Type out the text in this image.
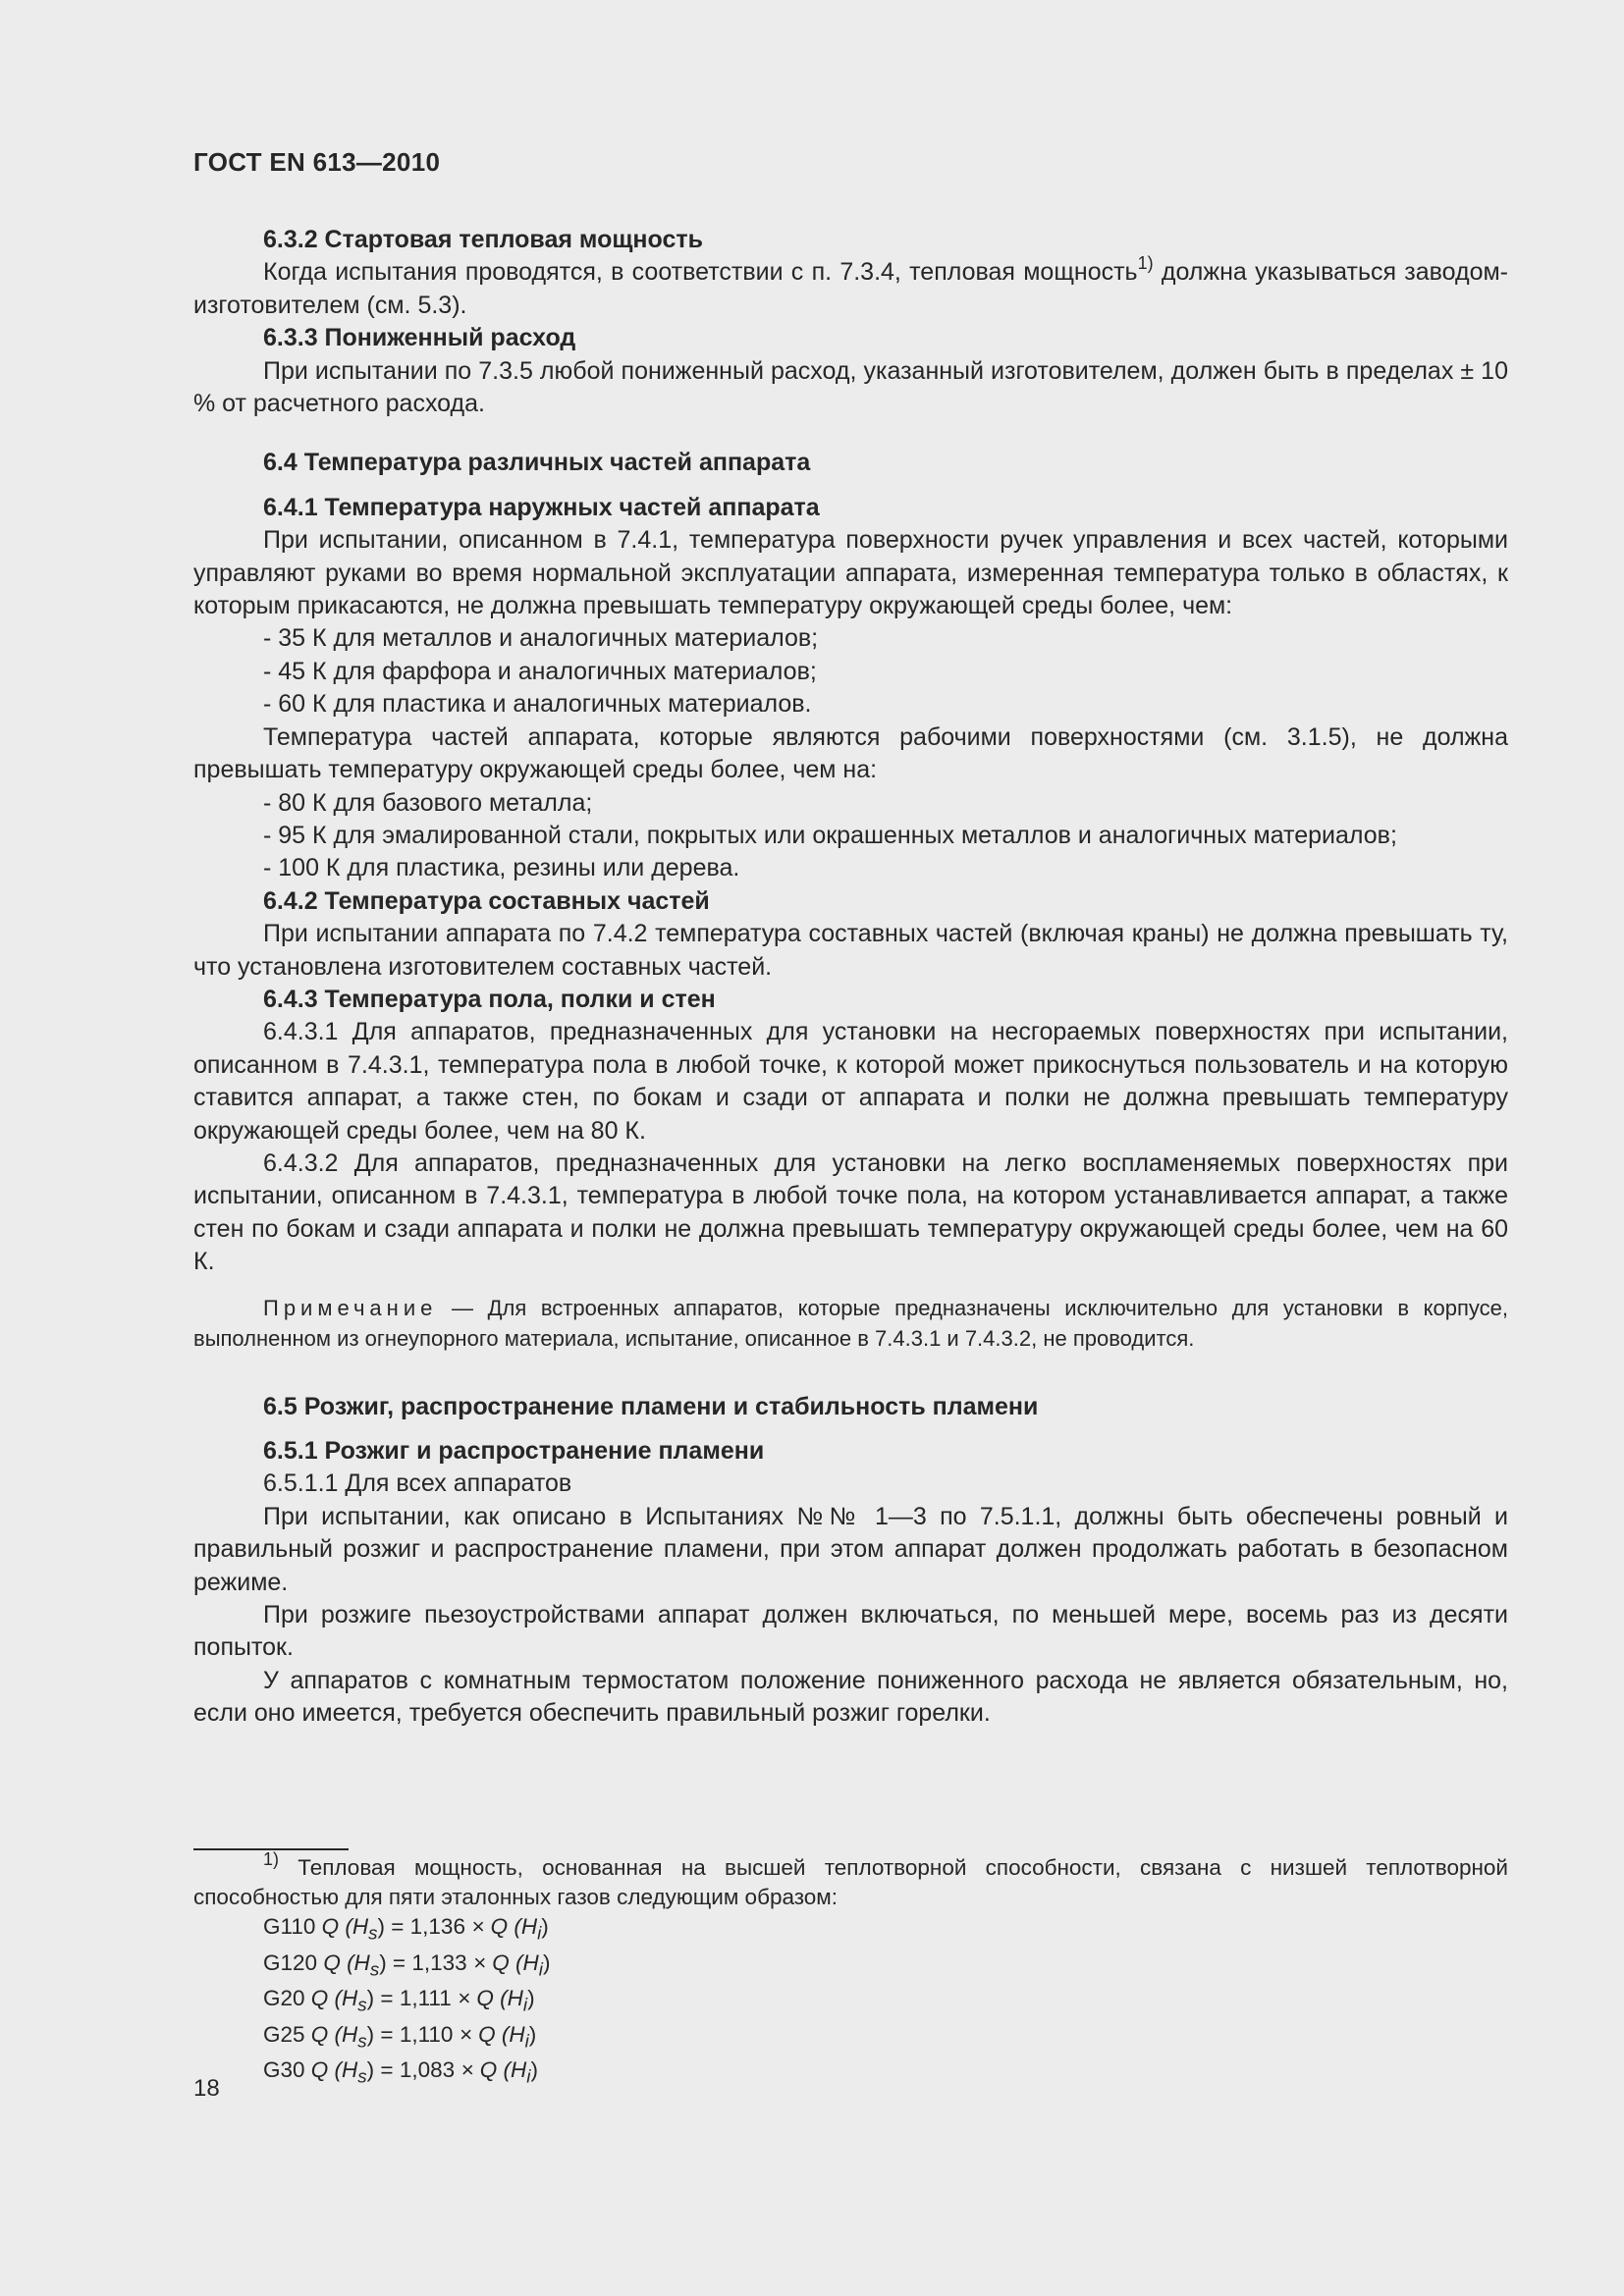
ГОСТ EN 613—2010

6.3.2 Стартовая тепловая мощность

Когда испытания проводятся, в соответствии с п. 7.3.4, тепловая мощность$^{1)}$ должна указываться заводом-изготовителем (см. 5.3).

6.3.3 Пониженный расход

При испытании по 7.3.5 любой пониженный расход, указанный изготовителем, должен быть в пределах ± 10 % от расчетного расхода.

6.4 Температура различных частей аппарата

6.4.1 Температура наружных частей аппарата

При испытании, описанном в 7.4.1, температура поверхности ручек управления и всех частей, которыми управляют руками во время нормальной эксплуатации аппарата, измеренная температура только в областях, к которым прикасаются, не должна превышать температуру окружающей среды более, чем:

- 35 К для металлов и аналогичных материалов;

- 45 К для фарфора и аналогичных материалов;

- 60 К для пластика и аналогичных материалов.

Температура частей аппарата, которые являются рабочими поверхностями (см. 3.1.5), не должна превышать температуру окружающей среды более, чем на:

- 80 К для базового металла;

- 95 К для эмалированной стали, покрытых или окрашенных металлов и аналогичных материалов;

- 100 К для пластика, резины или дерева.

6.4.2 Температура составных частей

При испытании аппарата по 7.4.2 температура составных частей (включая краны) не должна превышать ту, что установлена изготовителем составных частей.

6.4.3 Температура пола, полки и стен

6.4.3.1 Для аппаратов, предназначенных для установки на несгораемых поверхностях при испытании, описанном в 7.4.3.1, температура пола в любой точке, к которой может прикоснуться пользователь и на которую ставится аппарат, а также стен, по бокам и сзади от аппарата и полки не должна превышать температуру окружающей среды более, чем на 80 К.

6.4.3.2 Для аппаратов, предназначенных для установки на легко воспламеняемых поверхностях при испытании, описанном в 7.4.3.1, температура в любой точке пола, на котором устанавливается аппарат, а также стен по бокам и сзади аппарата и полки не должна превышать температуру окружающей среды более, чем на 60 К.

Примечание — Для встроенных аппаратов, которые предназначены исключительно для установки в корпусе, выполненном из огнеупорного материала, испытание, описанное в 7.4.3.1 и 7.4.3.2, не проводится.

6.5 Розжиг, распространение пламени и стабильность пламени

6.5.1 Розжиг и распространение пламени

6.5.1.1 Для всех аппаратов

При испытании, как описано в Испытаниях №№ 1—3 по 7.5.1.1, должны быть обеспечены ровный и правильный розжиг и распространение пламени, при этом аппарат должен продолжать работать в безопасном режиме.

При розжиге пьезоустройствами аппарат должен включаться, по меньшей мере, восемь раз из десяти попыток.

У аппаратов с комнатным термостатом положение пониженного расхода не является обязательным, но, если оно имеется, требуется обеспечить правильный розжиг горелки.

$^{1)}$ Тепловая мощность, основанная на высшей теплотворной способности, связана с низшей теплотворной способностью для пяти эталонных газов следующим образом:

G110 Q $(H_s) = 1,136 \times Q$ $(H_i)$
G120 Q $(H_s) = 1,133 \times Q$ $(H_i)$
G20 Q $(H_s) = 1,111 \times Q$ $(H_i)$
G25 Q $(H_s) = 1,110 \times Q$ $(H_i)$
G30 Q $(H_s) = 1,083 \times Q$ $(H_i)$
18
